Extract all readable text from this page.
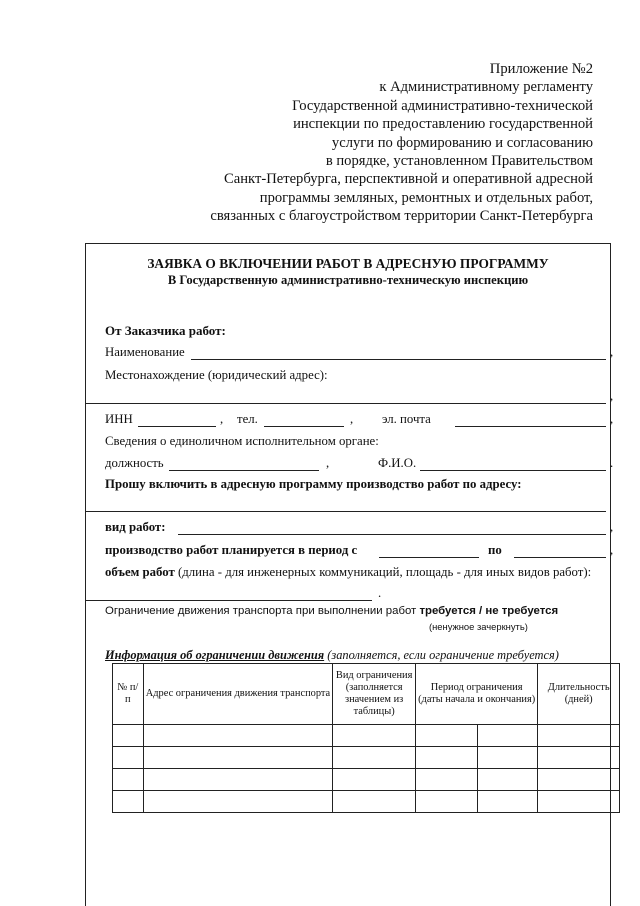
Приложение №2
к Административному регламенту
Государственной административно-технической
инспекции по предоставлению государственной
услуги по формированию и согласованию
в порядке, установленном Правительством
Санкт-Петербурга, перспективной и оперативной адресной
программы земляных, ремонтных и отдельных работ,
связанных с благоустройством территории Санкт-Петербурга
ЗАЯВКА О ВКЛЮЧЕНИИ РАБОТ В АДРЕСНУЮ ПРОГРАММУ
В Государственную административно-техническую инспекцию
От Заказчика работ:
Наименование	,
Местонахождение (юридический адрес):
,
ИНН	, тел.	, эл. почта	,
Сведения о единоличном исполнительном органе:
должность	,	Ф.И.О.	.
Прошу включить в адресную программу производство работ по адресу:
вид работ:	,
производство работ планируется в период с	по	,
объем работ (длина - для инженерных коммуникаций, площадь - для иных видов работ):
.
Ограничение движения транспорта при выполнении работ требуется / не требуется
(ненужное зачеркнуть)
Информация об ограничении движения (заполняется, если ограничение требуется)
№ п/п	Адрес ограничения движения транспорта	Вид ограничения (заполняется значением из таблицы)	Период ограничения (даты начала и окончания)		Длительность (дней)
